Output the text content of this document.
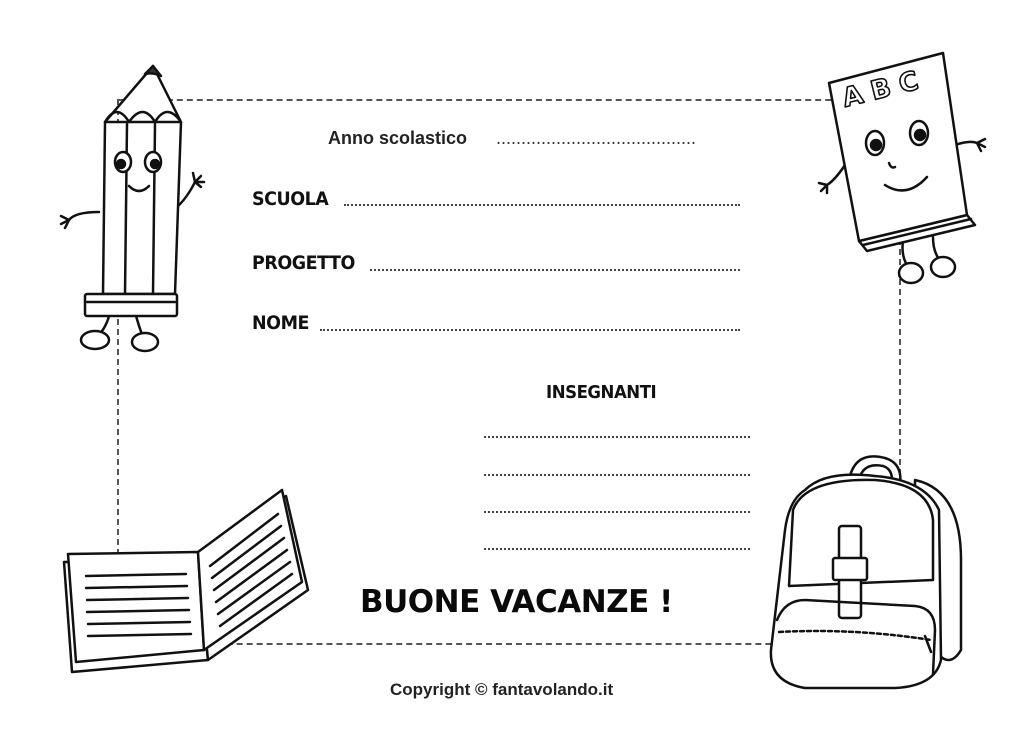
Anno scolastico ........................................
SCUOLA
PROGETTO
NOME
INSEGNANTI
BUONE VACANZE !
Copyright © fantavolando.it
A B C
